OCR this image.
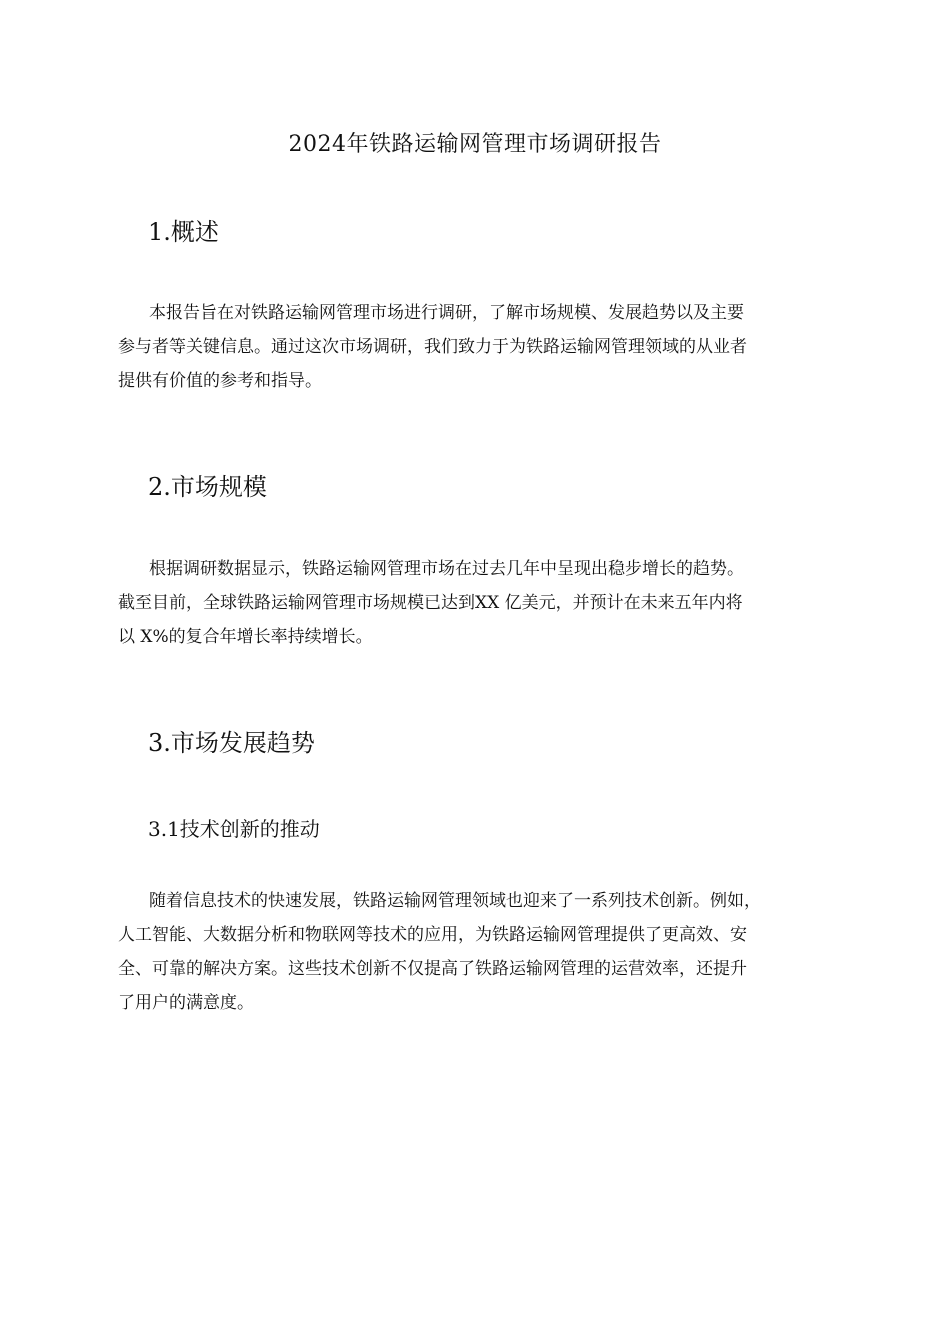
2024年铁路运输网管理市场调研报告
1.概述
本报告旨在对铁路运输网管理市场进行调研，了解市场规模、发展趋势以及主要
参与者等关键信息。通过这次市场调研，我们致力于为铁路运输网管理领域的从业者
提供有价值的参考和指导。
2.市场规模
根据调研数据显示，铁路运输网管理市场在过去几年中呈现出稳步增长的趋势。
截至目前，全球铁路运输网管理市场规模已达到XX 亿美元，并预计在未来五年内将
以 X%的复合年增长率持续增长。
3.市场发展趋势
3.1技术创新的推动
随着信息技术的快速发展，铁路运输网管理领域也迎来了一系列技术创新。例如，
人工智能、大数据分析和物联网等技术的应用，为铁路运输网管理提供了更高效、安
全、可靠的解决方案。这些技术创新不仅提高了铁路运输网管理的运营效率，还提升
了用户的满意度。
